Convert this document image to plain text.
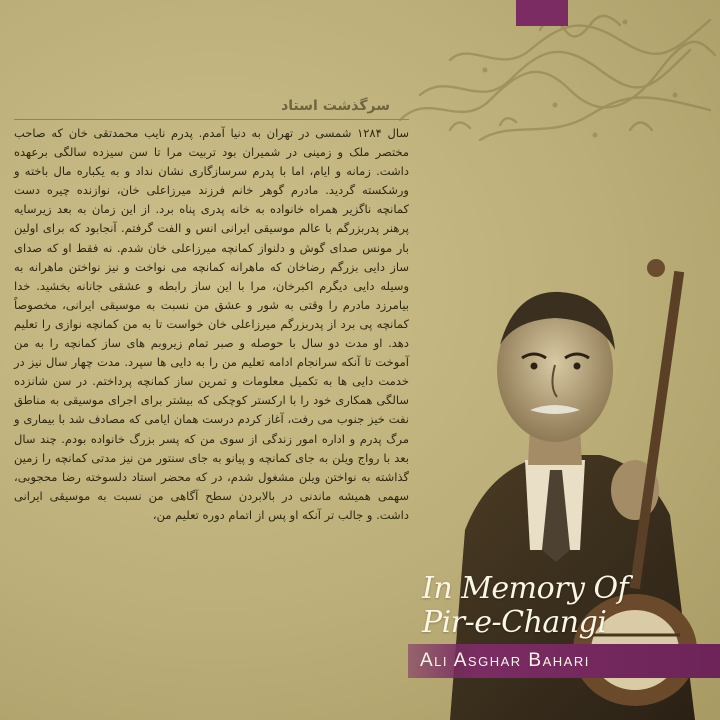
سرگذشت استاد

سال ۱۲۸۴ شمسی در تهران به دنیا آمدم. پدرم نایب محمدتقی خان که صاحب مختصر ملک و زمینی در شمیران بود تربیت مرا تا سن سیزده سالگی برعهده داشت. زمانه و ایام، اما با پدرم سرسازگاری نشان نداد و به یکباره مال باخته و ورشکسته گردید. مادرم گوهر خانم فرزند میرزاعلی خان، نوازنده چیره دست کمانچه ناگزیر همراه خانواده به خانه پدری پناه برد. از این زمان به بعد زیرسایه پرهنر پدربزرگم با عالم موسیقی ایرانی انس و الفت گرفتم. آنجابود که برای اولین بار مونس صدای گوش و دلنواز کمانچه میرزاعلی خان شدم. نه فقط او که صدای ساز دایی بزرگم رضاخان که ماهرانه کمانچه می نواخت و نیز نواختن ماهرانه به وسیله دایی دیگرم اکبرخان، مرا با این ساز رابطه و عشقی جانانه بخشید. خدا بیامرزد مادرم را وقتی به شور و عشق من نسبت به موسیقی ایرانی، مخصوصاً کمانچه پی برد از پدربزرگم میرزاعلی خان خواست تا به من کمانچه نوازی را تعلیم دهد. او مدت دو سال با حوصله و صبر تمام زیروبم های ساز کمانچه را به من آموخت تا آنکه سرانجام ادامه تعلیم من را به دایی ها سپرد. مدت چهار سال نیز در خدمت دایی ها به تکمیل معلومات و تمرین ساز کمانچه پرداختم. در سن شانزده سالگی همکاری خود را با ارکستر کوچکی که بیشتر برای اجرای موسیقی به مناطق نفت خیز جنوب می رفت، آغاز کردم درست همان ایامی که مصادف شد با بیماری و مرگ پدرم و اداره امور زندگی از سوی من که پسر بزرگ خانواده بودم. چند سال بعد با رواج ویلن به جای کمانچه و پیانو به جای سنتور من نیز مدتی کمانچه را زمین گذاشته به نواختن ویلن مشغول شدم، در که محضر استاد دلسوخته رضا محجوبی، سهمی همیشه ماندنی در بالابردن سطح آگاهی من نسبت به موسیقی ایرانی داشت. و جالب تر آنکه او پس از اتمام دوره تعلیم من،

In Memory Of
Pir-e-Changi
Ali Asghar Bahari
